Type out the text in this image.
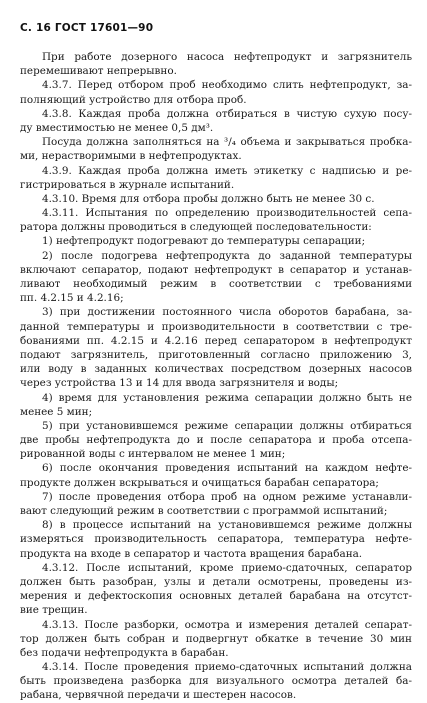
С. 16 ГОСТ 17601—90
При работе дозерного насоса нефтепродукт и загрязнитель
перемешивают непрерывно.
4.3.7. Перед отбором проб необходимо слить нефтепродукт, за-
полняющий устройство для отбора проб.
4.3.8. Каждая проба должна отбираться в чистую сухую посу-
ду вместимостью не менее 0,5 дм³.
Посуда должна заполняться на ³/₄ объема и закрываться пробка-
ми, нерастворимыми в нефтепродуктах.
4.3.9. Каждая проба должна иметь этикетку с надписью и ре-
гистрироваться в журнале испытаний.
4.3.10. Время для отбора пробы должно быть не менее 30 с.
4.3.11. Испытания по определению производительностей сепа-
ратора должны проводиться в следующей последовательности:
1) нефтепродукт подогревают до температуры сепарации;
2) после подогрева нефтепродукта до заданной температуры
включают сепаратор, подают нефтепродукт в сепаратор и устанав-
ливают необходимый режим в соответствии с требованиями
пп. 4.2.15 и 4.2.16;
3) при достижении постоянного числа оборотов барабана, за-
данной температуры и производительности в соответствии с тре-
бованиями пп. 4.2.15 и 4.2.16 перед сепаратором в нефтепродукт
подают загрязнитель, приготовленный согласно приложению 3,
или воду в заданных количествах посредством дозерных насосов
через устройства 13 и 14 для ввода загрязнителя и воды;
4) время для установления режима сепарации должно быть не
менее 5 мин;
5) при установившемся режиме сепарации должны отбираться
две пробы нефтепродукта до и после сепаратора и проба отсепа-
рированной воды с интервалом не менее 1 мин;
6) после окончания проведения испытаний на каждом нефте-
продукте должен вскрываться и очищаться барабан сепаратора;
7) после проведения отбора проб на одном режиме устанавли-
вают следующий режим в соответствии с программой испытаний;
8) в процессе испытаний на установившемся режиме должны
измеряться производительность сепаратора, температура нефте-
продукта на входе в сепаратор и частота вращения барабана.
4.3.12. После испытаний, кроме приемо-сдаточных, сепаратор
должен быть разобран, узлы и детали осмотрены, проведены из-
мерения и дефектоскопия основных деталей барабана на отсутст-
вие трещин.
4.3.13. После разборки, осмотра и измерения деталей сепарат-
тор должен быть собран и подвергнут обкатке в течение 30 мин
без подачи нефтепродукта в барабан.
4.3.14. После проведения приемо-сдаточных испытаний должна
быть произведена разборка для визуального осмотра деталей ба-
рабана, червячной передачи и шестерен насосов.
